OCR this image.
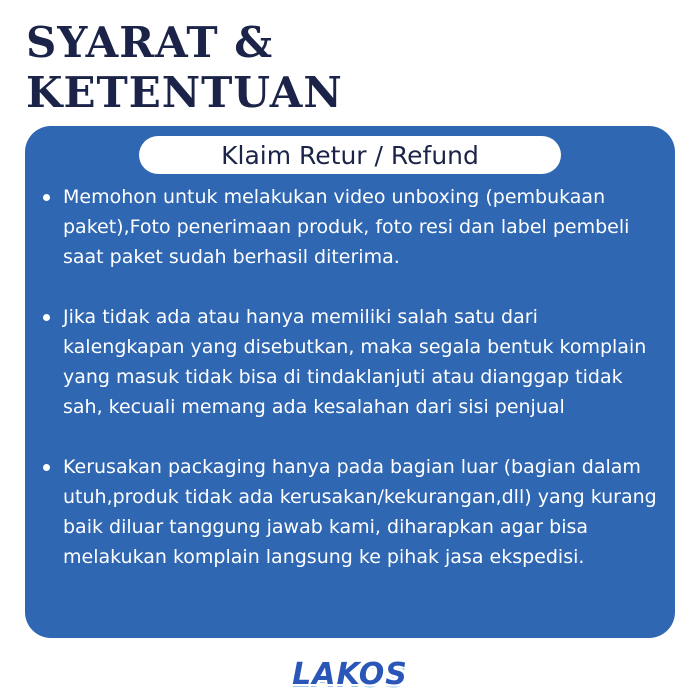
SYARAT &
KETENTUAN
Klaim Retur / Refund
Memohon untuk melakukan video unboxing (pembukaan paket),Foto penerimaan produk, foto resi dan label pembeli saat paket sudah berhasil diterima.
Jika tidak ada atau hanya memiliki salah satu dari kalengkapan yang disebutkan, maka segala bentuk komplain yang masuk tidak bisa di tindaklanjuti atau dianggap tidak sah, kecuali memang ada kesalahan dari sisi penjual
Kerusakan packaging hanya pada bagian luar (bagian dalam utuh,produk tidak ada kerusakan/kekurangan,dll) yang kurang baik diluar tanggung jawab kami, diharapkan agar bisa melakukan komplain langsung ke pihak jasa ekspedisi.
LAKOS
